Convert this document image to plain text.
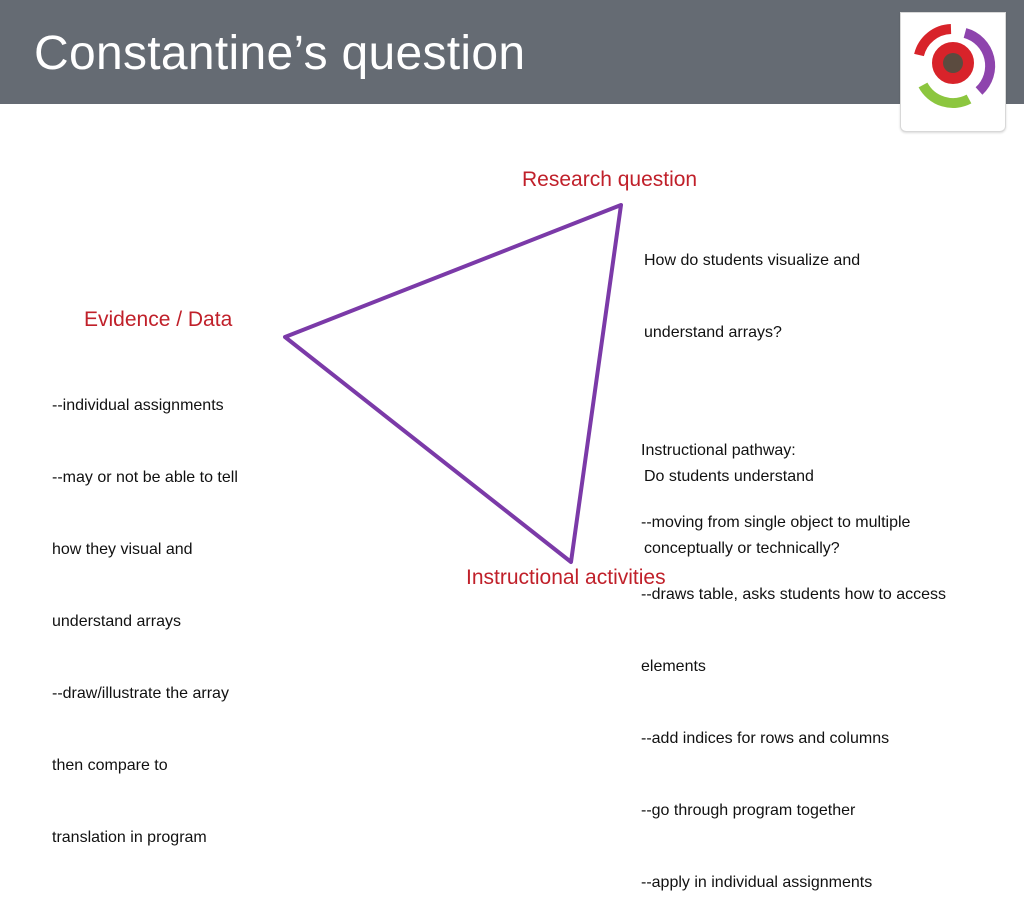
Constantine’s question
Research question

How do students visualize and

understand arrays?

Do students understand

conceptually or technically?

Evidence / Data

--individual assignments

--may or not be able to tell

how they visual and

understand arrays

--draw/illustrate the array

then compare to

translation in program

Instructional pathway:

--moving from single object to multiple

--draws table, asks students how to access

elements

--add indices for rows and columns

--go through program together

--apply in individual assignments

Instructional activities
